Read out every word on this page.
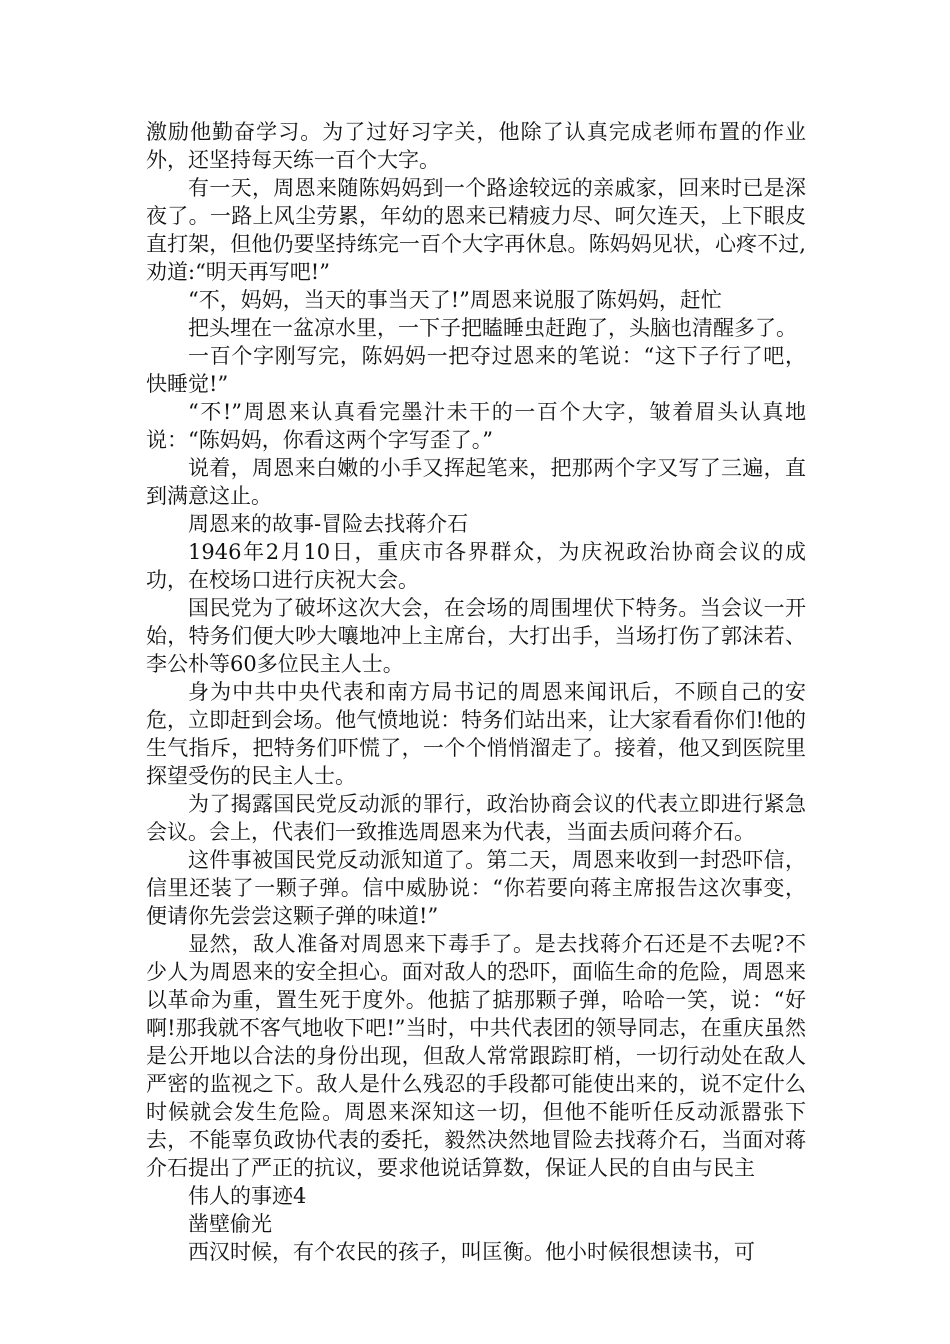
激励他勤奋学习。为了过好习字关，他除了认真完成老师布置的作业外，还坚持每天练一百个大字。

有一天，周恩来随陈妈妈到一个路途较远的亲戚家，回来时已是深夜了。一路上风尘劳累，年幼的恩来已精疲力尽、呵欠连天，上下眼皮直打架，但他仍要坚持练完一百个大字再休息。陈妈妈见状，心疼不过,劝道:“明天再写吧!”

“不，妈妈，当天的事当天了!”周恩来说服了陈妈妈，赶忙

把头埋在一盆凉水里，一下子把瞌睡虫赶跑了，头脑也清醒多了。

一百个字刚写完，陈妈妈一把夺过恩来的笔说：“这下子行了吧，快睡觉!”

“不!”周恩来认真看完墨汁未干的一百个大字，皱着眉头认真地说：“陈妈妈，你看这两个字写歪了。”

说着，周恩来白嫩的小手又挥起笔来，把那两个字又写了三遍，直到满意这止。

周恩来的故事-冒险去找蒋介石

1946年2月10日，重庆市各界群众，为庆祝政治协商会议的成功，在校场口进行庆祝大会。

国民党为了破坏这次大会，在会场的周围埋伏下特务。当会议一开始，特务们便大吵大嚷地冲上主席台，大打出手，当场打伤了郭沫若、李公朴等60多位民主人士。

身为中共中央代表和南方局书记的周恩来闻讯后，不顾自己的安危，立即赶到会场。他气愤地说：特务们站出来，让大家看看你们!他的生气指斥，把特务们吓慌了，一个个悄悄溜走了。接着，他又到医院里探望受伤的民主人士。

为了揭露国民党反动派的罪行，政治协商会议的代表立即进行紧急会议。会上，代表们一致推选周恩来为代表，当面去质问蒋介石。

这件事被国民党反动派知道了。第二天，周恩来收到一封恐吓信，信里还装了一颗子弹。信中威胁说：“你若要向蒋主席报告这次事变，便请你先尝尝这颗子弹的味道!”

显然，敌人准备对周恩来下毒手了。是去找蒋介石还是不去呢?不少人为周恩来的安全担心。面对敌人的恐吓，面临生命的危险，周恩来以革命为重，置生死于度外。他掂了掂那颗子弹，哈哈一笑，说：“好啊!那我就不客气地收下吧!”当时，中共代表团的领导同志，在重庆虽然是公开地以合法的身份出现，但敌人常常跟踪盯梢，一切行动处在敌人严密的监视之下。敌人是什么残忍的手段都可能使出来的，说不定什么时候就会发生危险。周恩来深知这一切，但他不能听任反动派嚣张下去，不能辜负政协代表的委托，毅然决然地冒险去找蒋介石，当面对蒋介石提出了严正的抗议，要求他说话算数，保证人民的自由与民主

伟人的事迹4

凿壁偷光

西汉时候，有个农民的孩子，叫匡衡。他小时候很想读书，可
